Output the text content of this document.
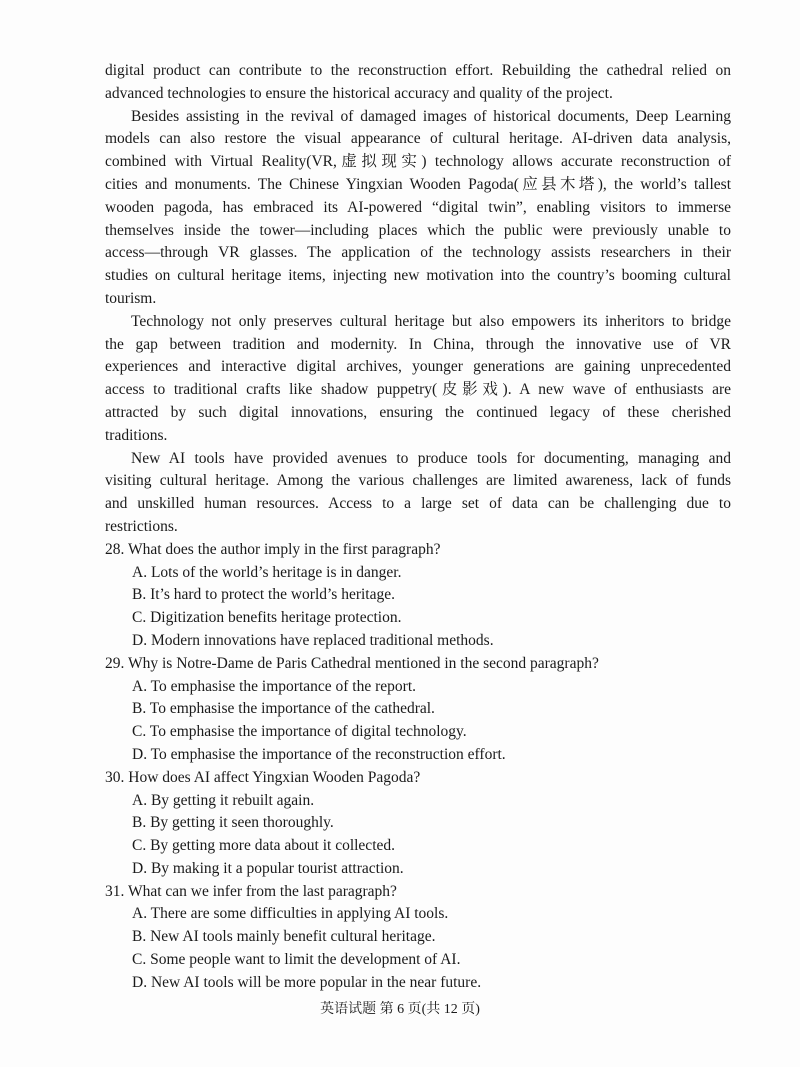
digital product can contribute to the reconstruction effort. Rebuilding the cathedral relied on
advanced technologies to ensure the historical accuracy and quality of the project.
Besides assisting in the revival of damaged images of historical documents, Deep Learning
models can also restore the visual appearance of cultural heritage. AI-driven data analysis,
combined with Virtual Reality(VR,虚拟现实) technology allows accurate reconstruction of
cities and monuments. The Chinese Yingxian Wooden Pagoda(应县木塔), the world’s tallest
wooden pagoda, has embraced its AI-powered “digital twin”, enabling visitors to immerse
themselves inside the tower—including places which the public were previously unable to
access—through VR glasses. The application of the technology assists researchers in their
studies on cultural heritage items, injecting new motivation into the country’s booming cultural
tourism.
Technology not only preserves cultural heritage but also empowers its inheritors to bridge
the gap between tradition and modernity. In China, through the innovative use of VR
experiences and interactive digital archives, younger generations are gaining unprecedented
access to traditional crafts like shadow puppetry(皮影戏). A new wave of enthusiasts are
attracted by such digital innovations, ensuring the continued legacy of these cherished
traditions.
New AI tools have provided avenues to produce tools for documenting, managing and
visiting cultural heritage. Among the various challenges are limited awareness, lack of funds
and unskilled human resources. Access to a large set of data can be challenging due to
restrictions.
28. What does the author imply in the first paragraph?
A. Lots of the world’s heritage is in danger.
B. It’s hard to protect the world’s heritage.
C. Digitization benefits heritage protection.
D. Modern innovations have replaced traditional methods.
29. Why is Notre-Dame de Paris Cathedral mentioned in the second paragraph?
A. To emphasise the importance of the report.
B. To emphasise the importance of the cathedral.
C. To emphasise the importance of digital technology.
D. To emphasise the importance of the reconstruction effort.
30. How does AI affect Yingxian Wooden Pagoda?
A. By getting it rebuilt again.
B. By getting it seen thoroughly.
C. By getting more data about it collected.
D. By making it a popular tourist attraction.
31. What can we infer from the last paragraph?
A. There are some difficulties in applying AI tools.
B. New AI tools mainly benefit cultural heritage.
C. Some people want to limit the development of AI.
D. New AI tools will be more popular in the near future.
英语试题 第 6 页(共 12 页)
